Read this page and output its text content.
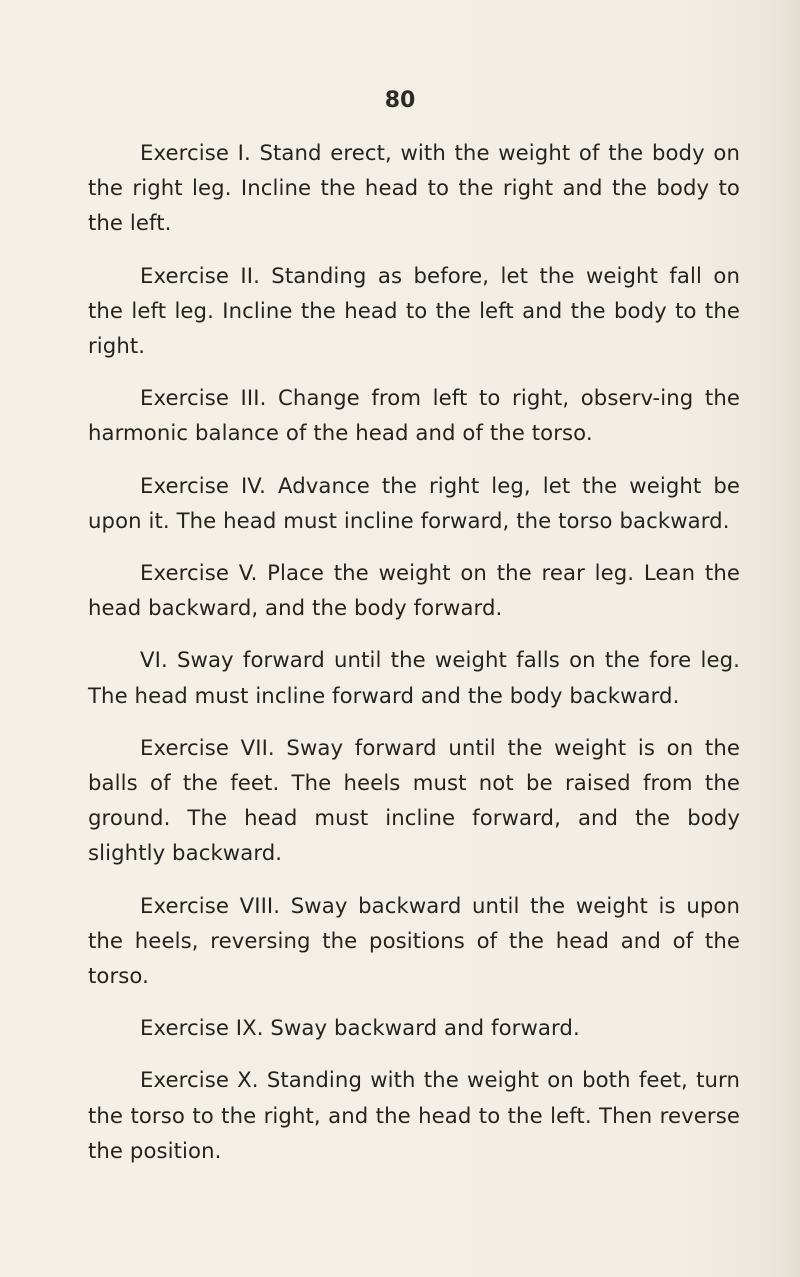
80

Exercise I. Stand erect, with the weight of the body on the right leg. Incline the head to the right and the body to the left.

Exercise II. Standing as before, let the weight fall on the left leg. Incline the head to the left and the body to the right.

Exercise III. Change from left to right, observ-ing the harmonic balance of the head and of the torso.

Exercise IV. Advance the right leg, let the weight be upon it. The head must incline forward, the torso backward.

Exercise V. Place the weight on the rear leg. Lean the head backward, and the body forward.

VI. Sway forward until the weight falls on the fore leg. The head must incline forward and the body backward.

Exercise VII. Sway forward until the weight is on the balls of the feet. The heels must not be raised from the ground. The head must incline forward, and the body slightly backward.

Exercise VIII. Sway backward until the weight is upon the heels, reversing the positions of the head and of the torso.

Exercise IX. Sway backward and forward.

Exercise X. Standing with the weight on both feet, turn the torso to the right, and the head to the left. Then reverse the position.
